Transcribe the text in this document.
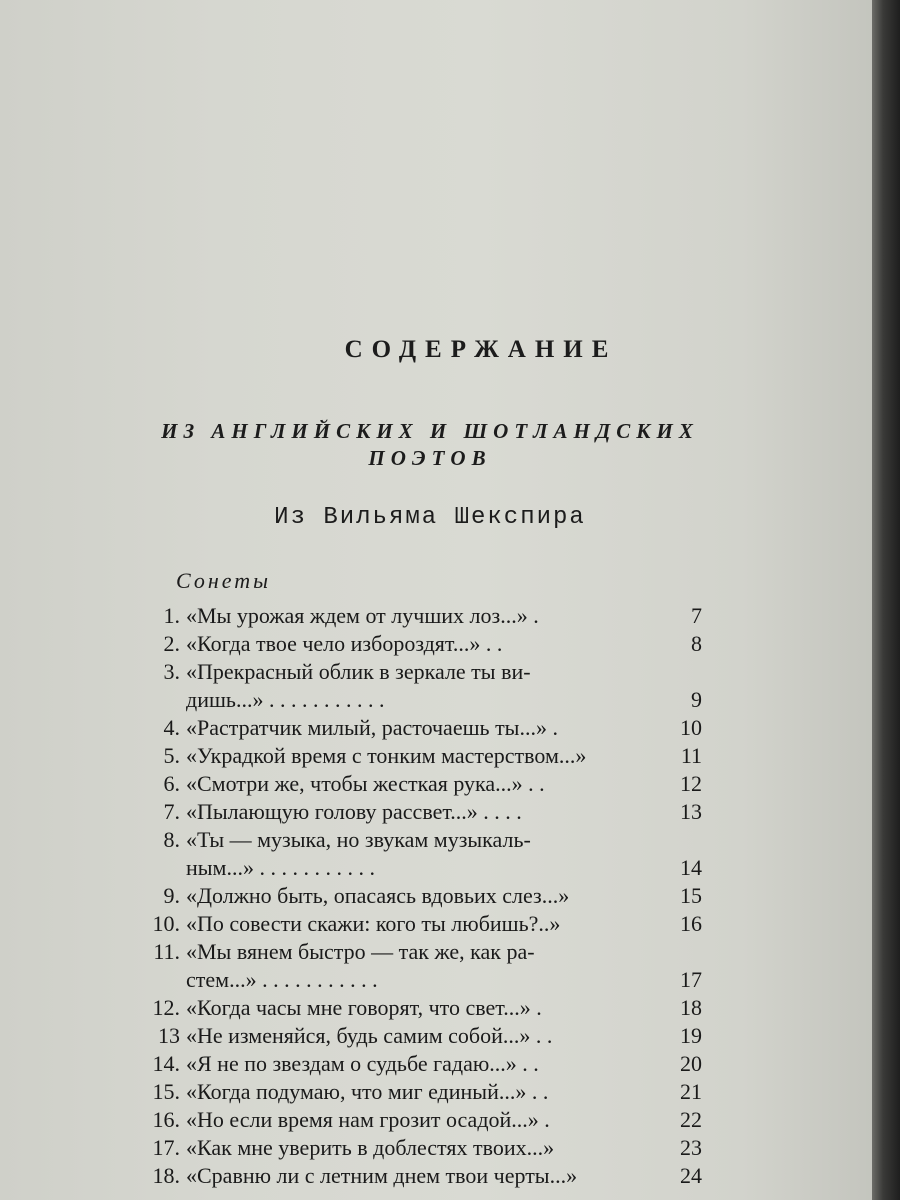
СОДЕРЖАНИЕ
ИЗ АНГЛИЙСКИХ И ШОТЛАНДСКИХ
ПОЭТОВ
Из Вильяма Шекспира
Сонеты
1. «Мы урожая ждем от лучших лоз...» .	7
2. «Когда твое чело избороздят...» . .	8
3. «Прекрасный облик в зеркале ты ви-
дишь...» . . . . . . . . . . .	9
4. «Растратчик милый, расточаешь ты...» .	10
5. «Украдкой время с тонким мастерством...»	11
6. «Смотри же, чтобы жесткая рука...» . .	12
7. «Пылающую голову рассвет...» . . . .	13
8. «Ты — музыка, но звукам музыкаль-
ным...» . . . . . . . . . . .	14
9. «Должно быть, опасаясь вдовьих слез...»	15
10. «По совести скажи: кого ты любишь?..»	16
11. «Мы вянем быстро — так же, как ра-
стем...» . . . . . . . . . . .	17
12. «Когда часы мне говорят, что свет...» .	18
13 «Не изменяйся, будь самим собой...» . .	19
14. «Я не по звездам о судьбе гадаю...» . .	20
15. «Когда подумаю, что миг единый...» . .	21
16. «Но если время нам грозит осадой...» .	22
17. «Как мне уверить в доблестях твоих...»	23
18. «Сравню ли с летним днем твои черты...»	24
